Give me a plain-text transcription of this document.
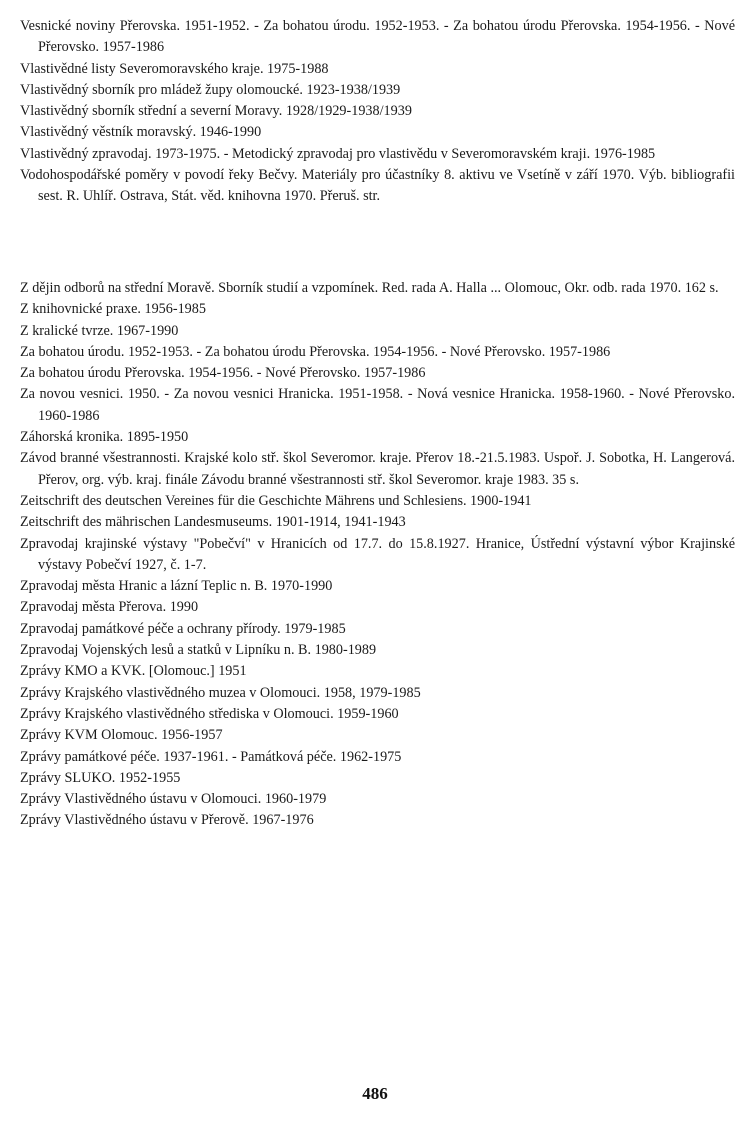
Vesnické noviny Přerovska. 1951-1952. - Za bohatou úrodu. 1952-1953. - Za bohatou úrodu Přerovska. 1954-1956. - Nové Přerovsko. 1957-1986

Vlastivědné listy Severomoravského kraje. 1975-1988

Vlastivědný sborník pro mládež župy olomoucké. 1923-1938/1939

Vlastivědný sborník střední a severní Moravy. 1928/1929-1938/1939

Vlastivědný věstník moravský. 1946-1990

Vlastivědný zpravodaj. 1973-1975. - Metodický zpravodaj pro vlastivědu v Severomoravském kraji. 1976-1985

Vodohospodářské poměry v povodí řeky Bečvy. Materiály pro účastníky 8. aktivu ve Vsetíně v září 1970. Výb. bibliografii sest. R. Uhlíř. Ostrava, Stát. věd. knihovna 1970. Přeruš. str.

Z dějin odborů na střední Moravě. Sborník studií a vzpomínek. Red. rada A. Halla ... Olomouc, Okr. odb. rada 1970. 162 s.

Z knihovnické praxe. 1956-1985

Z kralické tvrze. 1967-1990

Za bohatou úrodu. 1952-1953. - Za bohatou úrodu Přerovska. 1954-1956. - Nové Přerovsko. 1957-1986

Za bohatou úrodu Přerovska. 1954-1956. - Nové Přerovsko. 1957-1986

Za novou vesnici. 1950. - Za novou vesnici Hranicka. 1951-1958. - Nová vesnice Hranicka. 1958-1960. - Nové Přerovsko. 1960-1986

Záhorská kronika. 1895-1950

Závod branné všestrannosti. Krajské kolo stř. škol Severomor. kraje. Přerov 18.-21.5.1983. Uspoř. J. Sobotka, H. Langerová. Přerov, org. výb. kraj. finále Závodu branné všestrannosti stř. škol Severomor. kraje 1983. 35 s.

Zeitschrift des deutschen Vereines für die Geschichte Mährens und Schlesiens. 1900-1941

Zeitschrift des mährischen Landesmuseums. 1901-1914, 1941-1943

Zpravodaj krajinské výstavy "Pobečví" v Hranicích od 17.7. do 15.8.1927. Hranice, Ústřední výstavní výbor Krajinské výstavy Pobečví 1927, č. 1-7.

Zpravodaj města Hranic a lázní Teplic n. B. 1970-1990

Zpravodaj města Přerova. 1990

Zpravodaj památkové péče a ochrany přírody. 1979-1985

Zpravodaj Vojenských lesů a statků v Lipníku n. B. 1980-1989

Zprávy KMO a KVK. [Olomouc.] 1951

Zprávy Krajského vlastivědného muzea v Olomouci. 1958, 1979-1985

Zprávy Krajského vlastivědného střediska v Olomouci. 1959-1960

Zprávy KVM Olomouc. 1956-1957

Zprávy památkové péče. 1937-1961. - Památková péče. 1962-1975

Zprávy SLUKO. 1952-1955

Zprávy Vlastivědného ústavu v Olomouci. 1960-1979

Zprávy Vlastivědného ústavu v Přerově. 1967-1976

486
